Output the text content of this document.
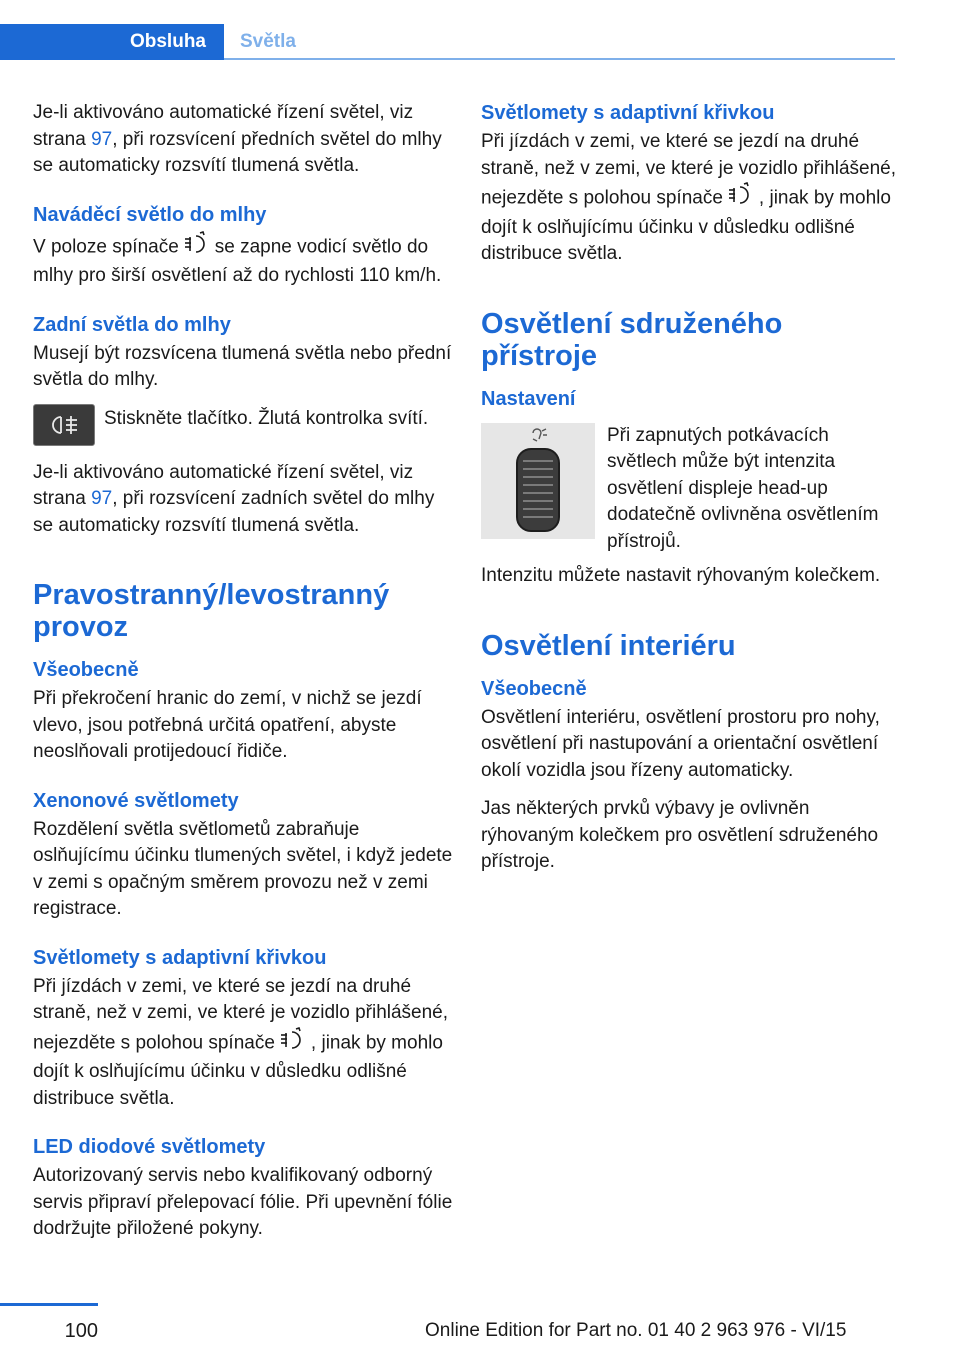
Obsluha Světla

Je-li aktivováno automatické řízení světel, viz strana 97, při rozsvícení předních světel do mlhy se automaticky rozsvítí tlumená světla.

Naváděcí světlo do mlhy

V poloze spínače se zapne vodicí světlo do mlhy pro širší osvětlení až do rychlosti 110 km/h.

Zadní světla do mlhy

Musejí být rozsvícena tlumená světla nebo přední světla do mlhy.

Stiskněte tlačítko. Žlutá kontrolka svítí.

Je-li aktivováno automatické řízení světel, viz strana 97, při rozsvícení zadních světel do mlhy se automaticky rozsvítí tlumená světla.

Pravostranný/levostranný provoz
Všeobecně

Při překročení hranic do zemí, v nichž se jezdí vlevo, jsou potřebná určitá opatření, abyste neoslňovali protijedoucí řidiče.

Xenonové světlomety

Rozdělení světla světlometů zabraňuje oslňujícímu účinku tlumených světel, i když jedete v zemi s opačným směrem provozu než v zemi registrace.

Světlomety s adaptivní křivkou

Při jízdách v zemi, ve které se jezdí na druhé straně, než v zemi, ve které je vozidlo přihlášené, nejezděte s polohou spínače , jinak by mohlo dojít k oslňujícímu účinku v důsledku odlišné distribuce světla.

LED diodové světlomety

Autorizovaný servis nebo kvalifikovaný odborný servis připraví přelepovací fólie. Při upevnění fólie dodržujte přiložené pokyny.

Světlomety s adaptivní křivkou

Při jízdách v zemi, ve které se jezdí na druhé straně, než v zemi, ve které je vozidlo přihlášené, nejezděte s polohou spínače , jinak by mohlo dojít k oslňujícímu účinku v důsledku odlišné distribuce světla.

Osvětlení sdruženého přístroje
Nastavení

Při zapnutých potkávacích světlech může být intenzita osvětlení displeje head-up dodatečně ovlivněna osvětlením přístrojů.

Intenzitu můžete nastavit rýhovaným kolečkem.

Osvětlení interiéru
Všeobecně

Osvětlení interiéru, osvětlení prostoru pro nohy, osvětlení při nastupování a orientační osvětlení okolí vozidla jsou řízeny automaticky.

Jas některých prvků výbavy je ovlivněn rýhovaným kolečkem pro osvětlení sdruženého přístroje.

100	Online Edition for Part no. 01 40 2 963 976 - VI/15
